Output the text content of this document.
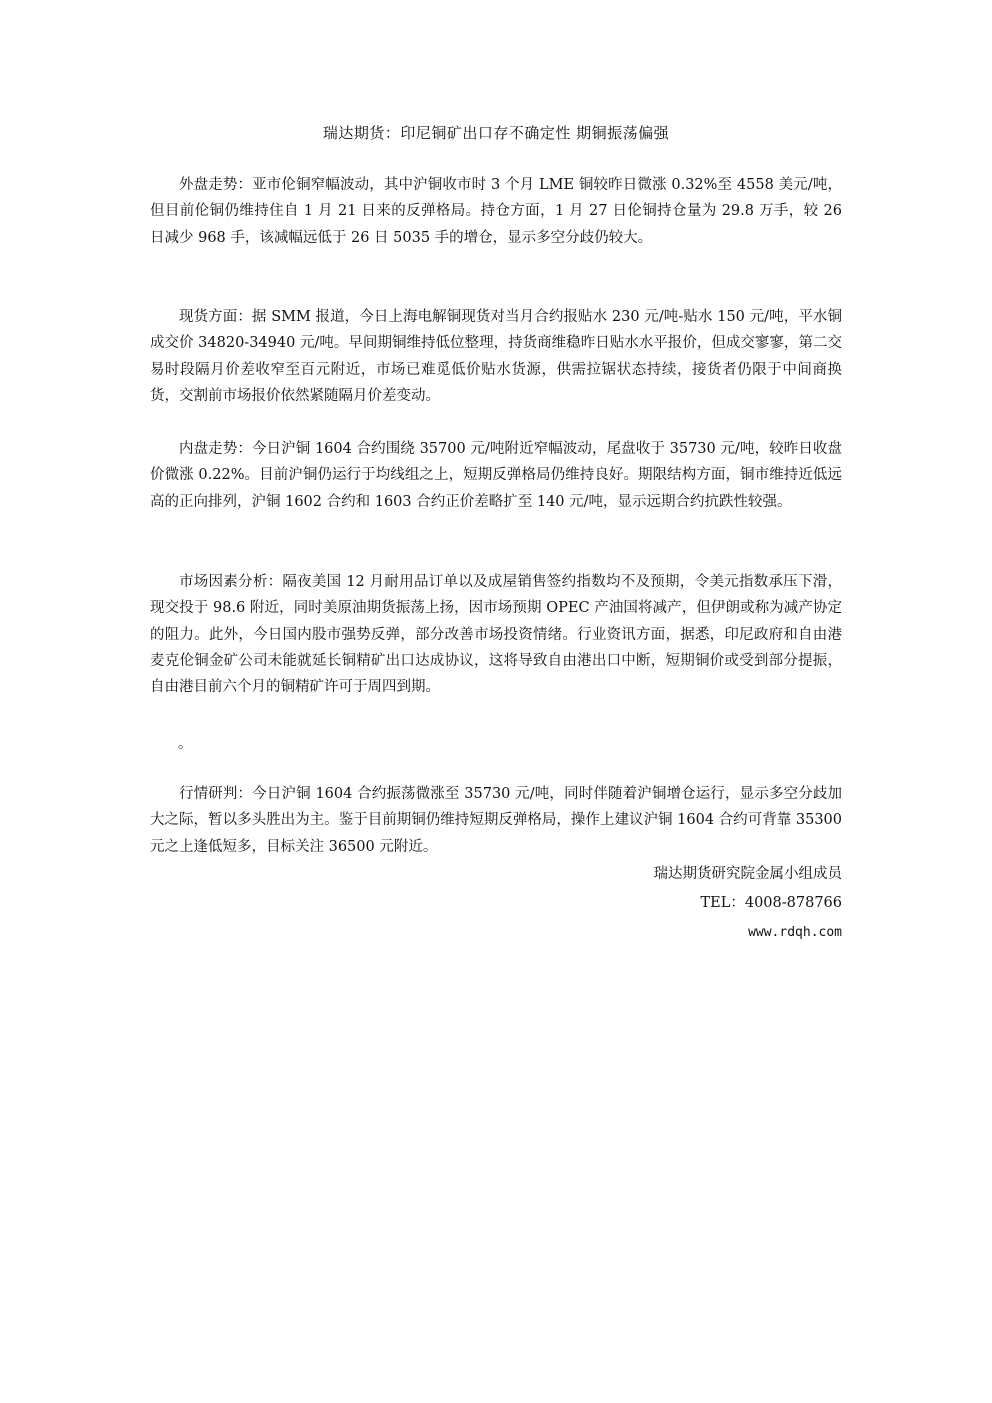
瑞达期货：印尼铜矿出口存不确定性 期铜振荡偏强

外盘走势：亚市伦铜窄幅波动，其中沪铜收市时 3 个月 LME 铜较昨日微涨 0.32%至 4558 美元/吨，但目前伦铜仍维持住自 1 月 21 日来的反弹格局。持仓方面，1 月 27 日伦铜持仓量为 29.8 万手，较 26 日减少 968 手，该减幅远低于 26 日 5035 手的增仓，显示多空分歧仍较大。

现货方面：据 SMM 报道，今日上海电解铜现货对当月合约报贴水 230 元/吨-贴水 150 元/吨，平水铜成交价 34820-34940 元/吨。早间期铜维持低位整理，持货商维稳昨日贴水水平报价，但成交寥寥，第二交易时段隔月价差收窄至百元附近，市场已难觅低价贴水货源，供需拉锯状态持续，接货者仍限于中间商换货，交割前市场报价依然紧随隔月价差变动。

内盘走势：今日沪铜 1604 合约围绕 35700 元/吨附近窄幅波动，尾盘收于 35730 元/吨，较昨日收盘价微涨 0.22%。目前沪铜仍运行于均线组之上，短期反弹格局仍维持良好。期限结构方面，铜市维持近低远高的正向排列，沪铜 1602 合约和 1603 合约正价差略扩至 140 元/吨，显示远期合约抗跌性较强。

市场因素分析：隔夜美国 12 月耐用品订单以及成屋销售签约指数均不及预期，令美元指数承压下滑，现交投于 98.6 附近，同时美原油期货振荡上扬，因市场预期 OPEC 产油国将减产，但伊朗或称为减产协定的阻力。此外，今日国内股市强势反弹，部分改善市场投资情绪。行业资讯方面，据悉，印尼政府和自由港麦克伦铜金矿公司未能就延长铜精矿出口达成协议，这将导致自由港出口中断，短期铜价或受到部分提振，自由港目前六个月的铜精矿许可于周四到期。

。

行情研判：今日沪铜 1604 合约振荡微涨至 35730 元/吨，同时伴随着沪铜增仓运行，显示多空分歧加大之际，暂以多头胜出为主。鉴于目前期铜仍维持短期反弹格局，操作上建议沪铜 1604 合约可背靠 35300 元之上逢低短多，目标关注 36500 元附近。

瑞达期货研究院金属小组成员
TEL：4008-878766
www.rdqh.com
